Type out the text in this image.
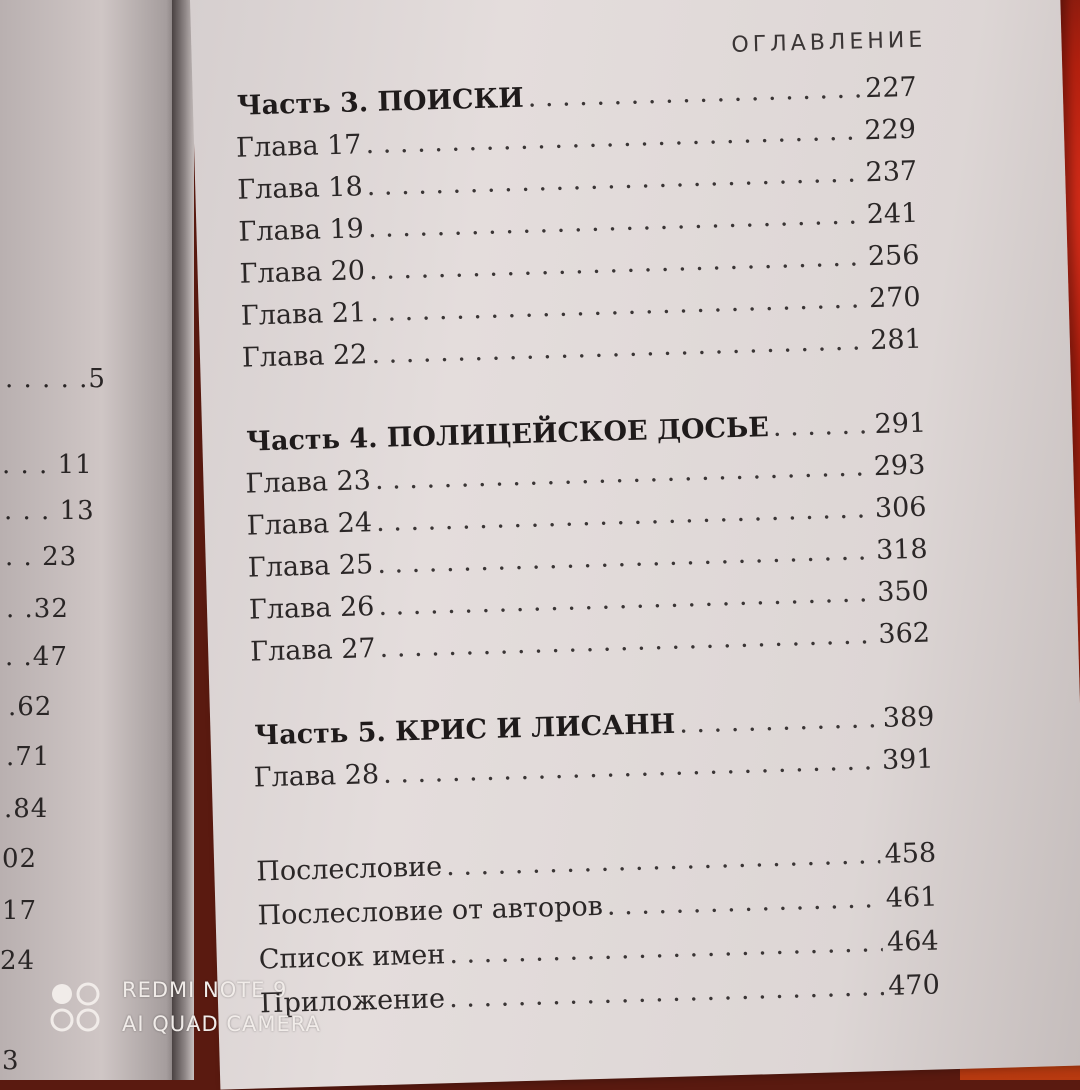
. . . . .5
. . . 11
. . . 13
. . 23
. .32
. .47
.62
.71
.84
02
17
24
3
ОГЛАВЛЕНИЕ
Часть 3. ПОИСКИ . . .	227
Глава 17 . . .	229
Глава 18 . . .	237
Глава 19 . . .	241
Глава 20 . . .	256
Глава 21 . . .	270
Глава 22 . . .	281
Часть 4. ПОЛИЦЕЙСКОЕ ДОСЬЕ . . .	291
Глава 23 . . .	293
Глава 24 . . .	306
Глава 25 . . .	318
Глава 26 . . .	350
Глава 27 . . .	362
Часть 5. КРИС И ЛИСАНН . . .	389
Глава 28 . . .	391
Послесловие . . .	458
Послесловие от авторов . . .	461
Список имен . . .	464
Приложение . . .	470
REDMI NOTE 9
AI QUAD CAMERA
